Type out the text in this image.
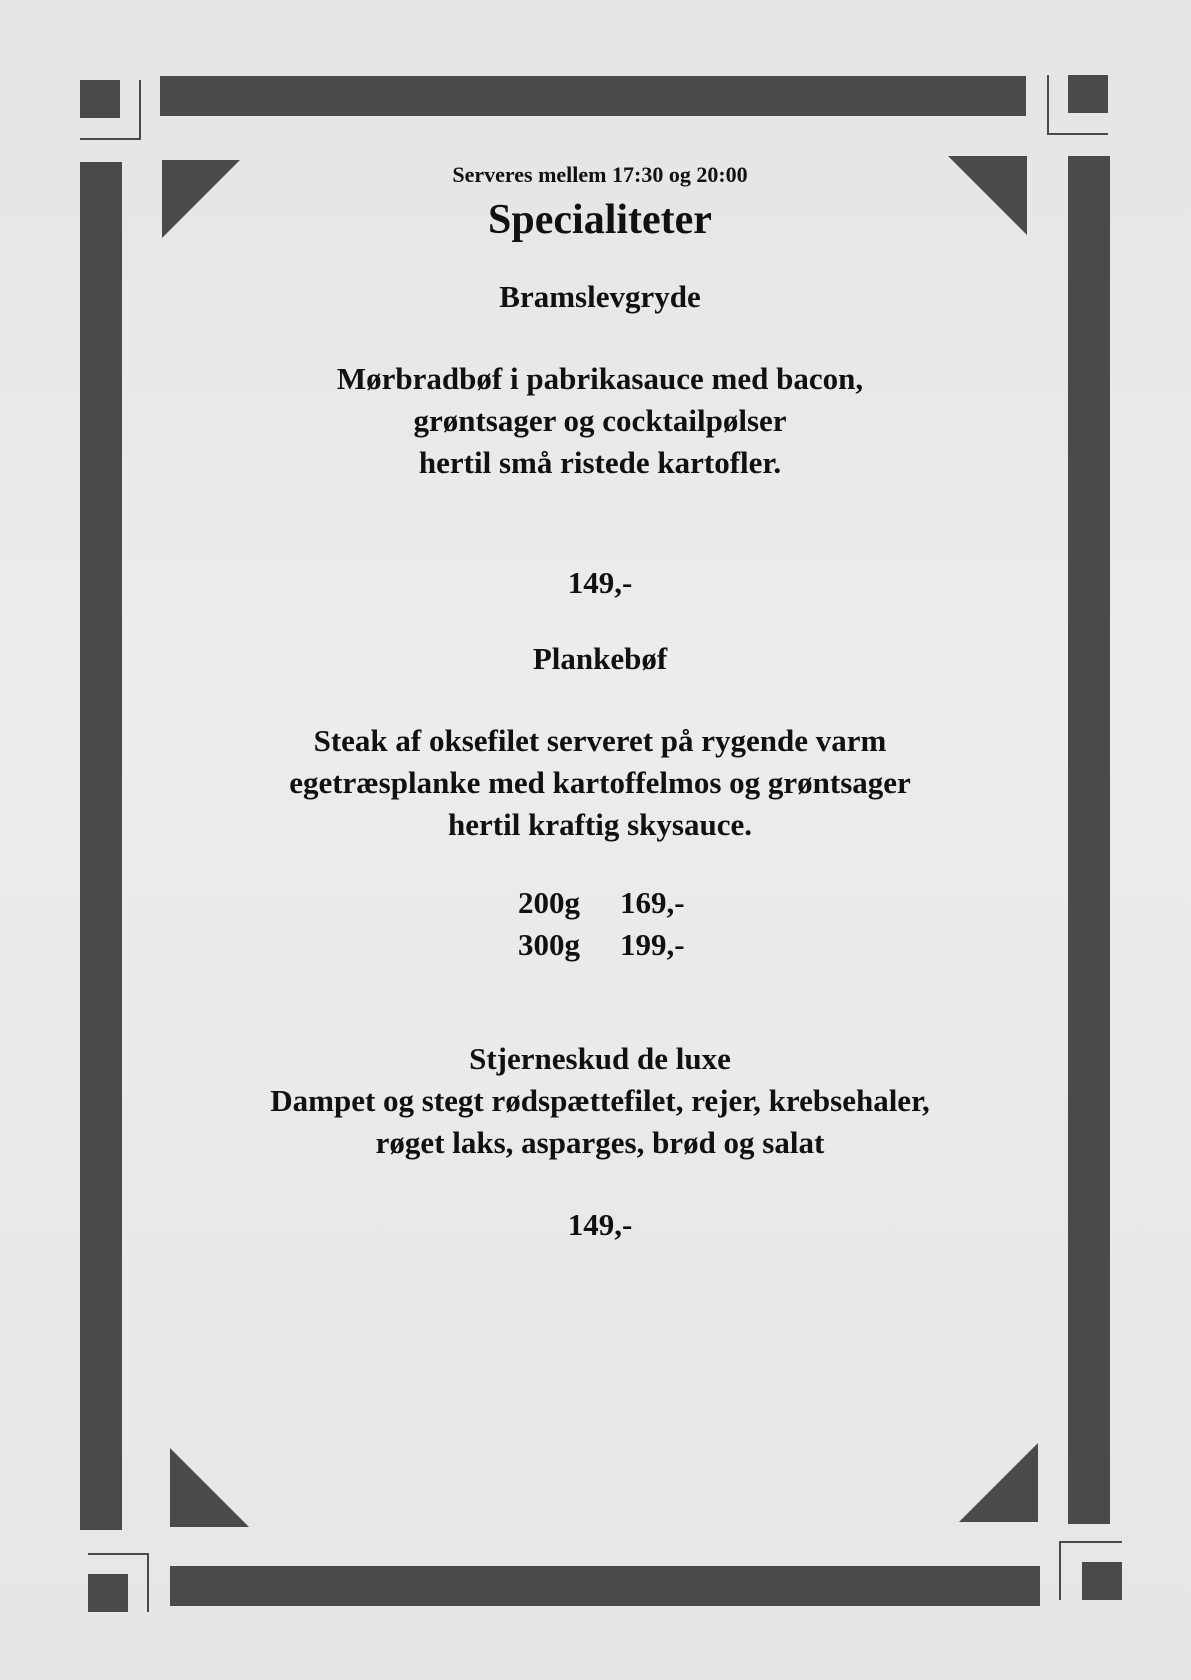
Serveres mellem 17:30 og 20:00

Specialiteter

Bramslevgryde

Mørbradbøf i pabrikasauce med bacon,

grøntsager og cocktailpølser

hertil små ristede kartofler.

149,-

Plankebøf

Steak af oksefilet serveret på rygende varm

egetræsplanke med kartoffelmos og grøntsager

hertil kraftig skysauce.

200g 169,-
300g 199,-

Stjerneskud de luxe

Dampet og stegt rødspættefilet, rejer, krebsehaler,

røget laks, asparges, brød og salat

149,-
